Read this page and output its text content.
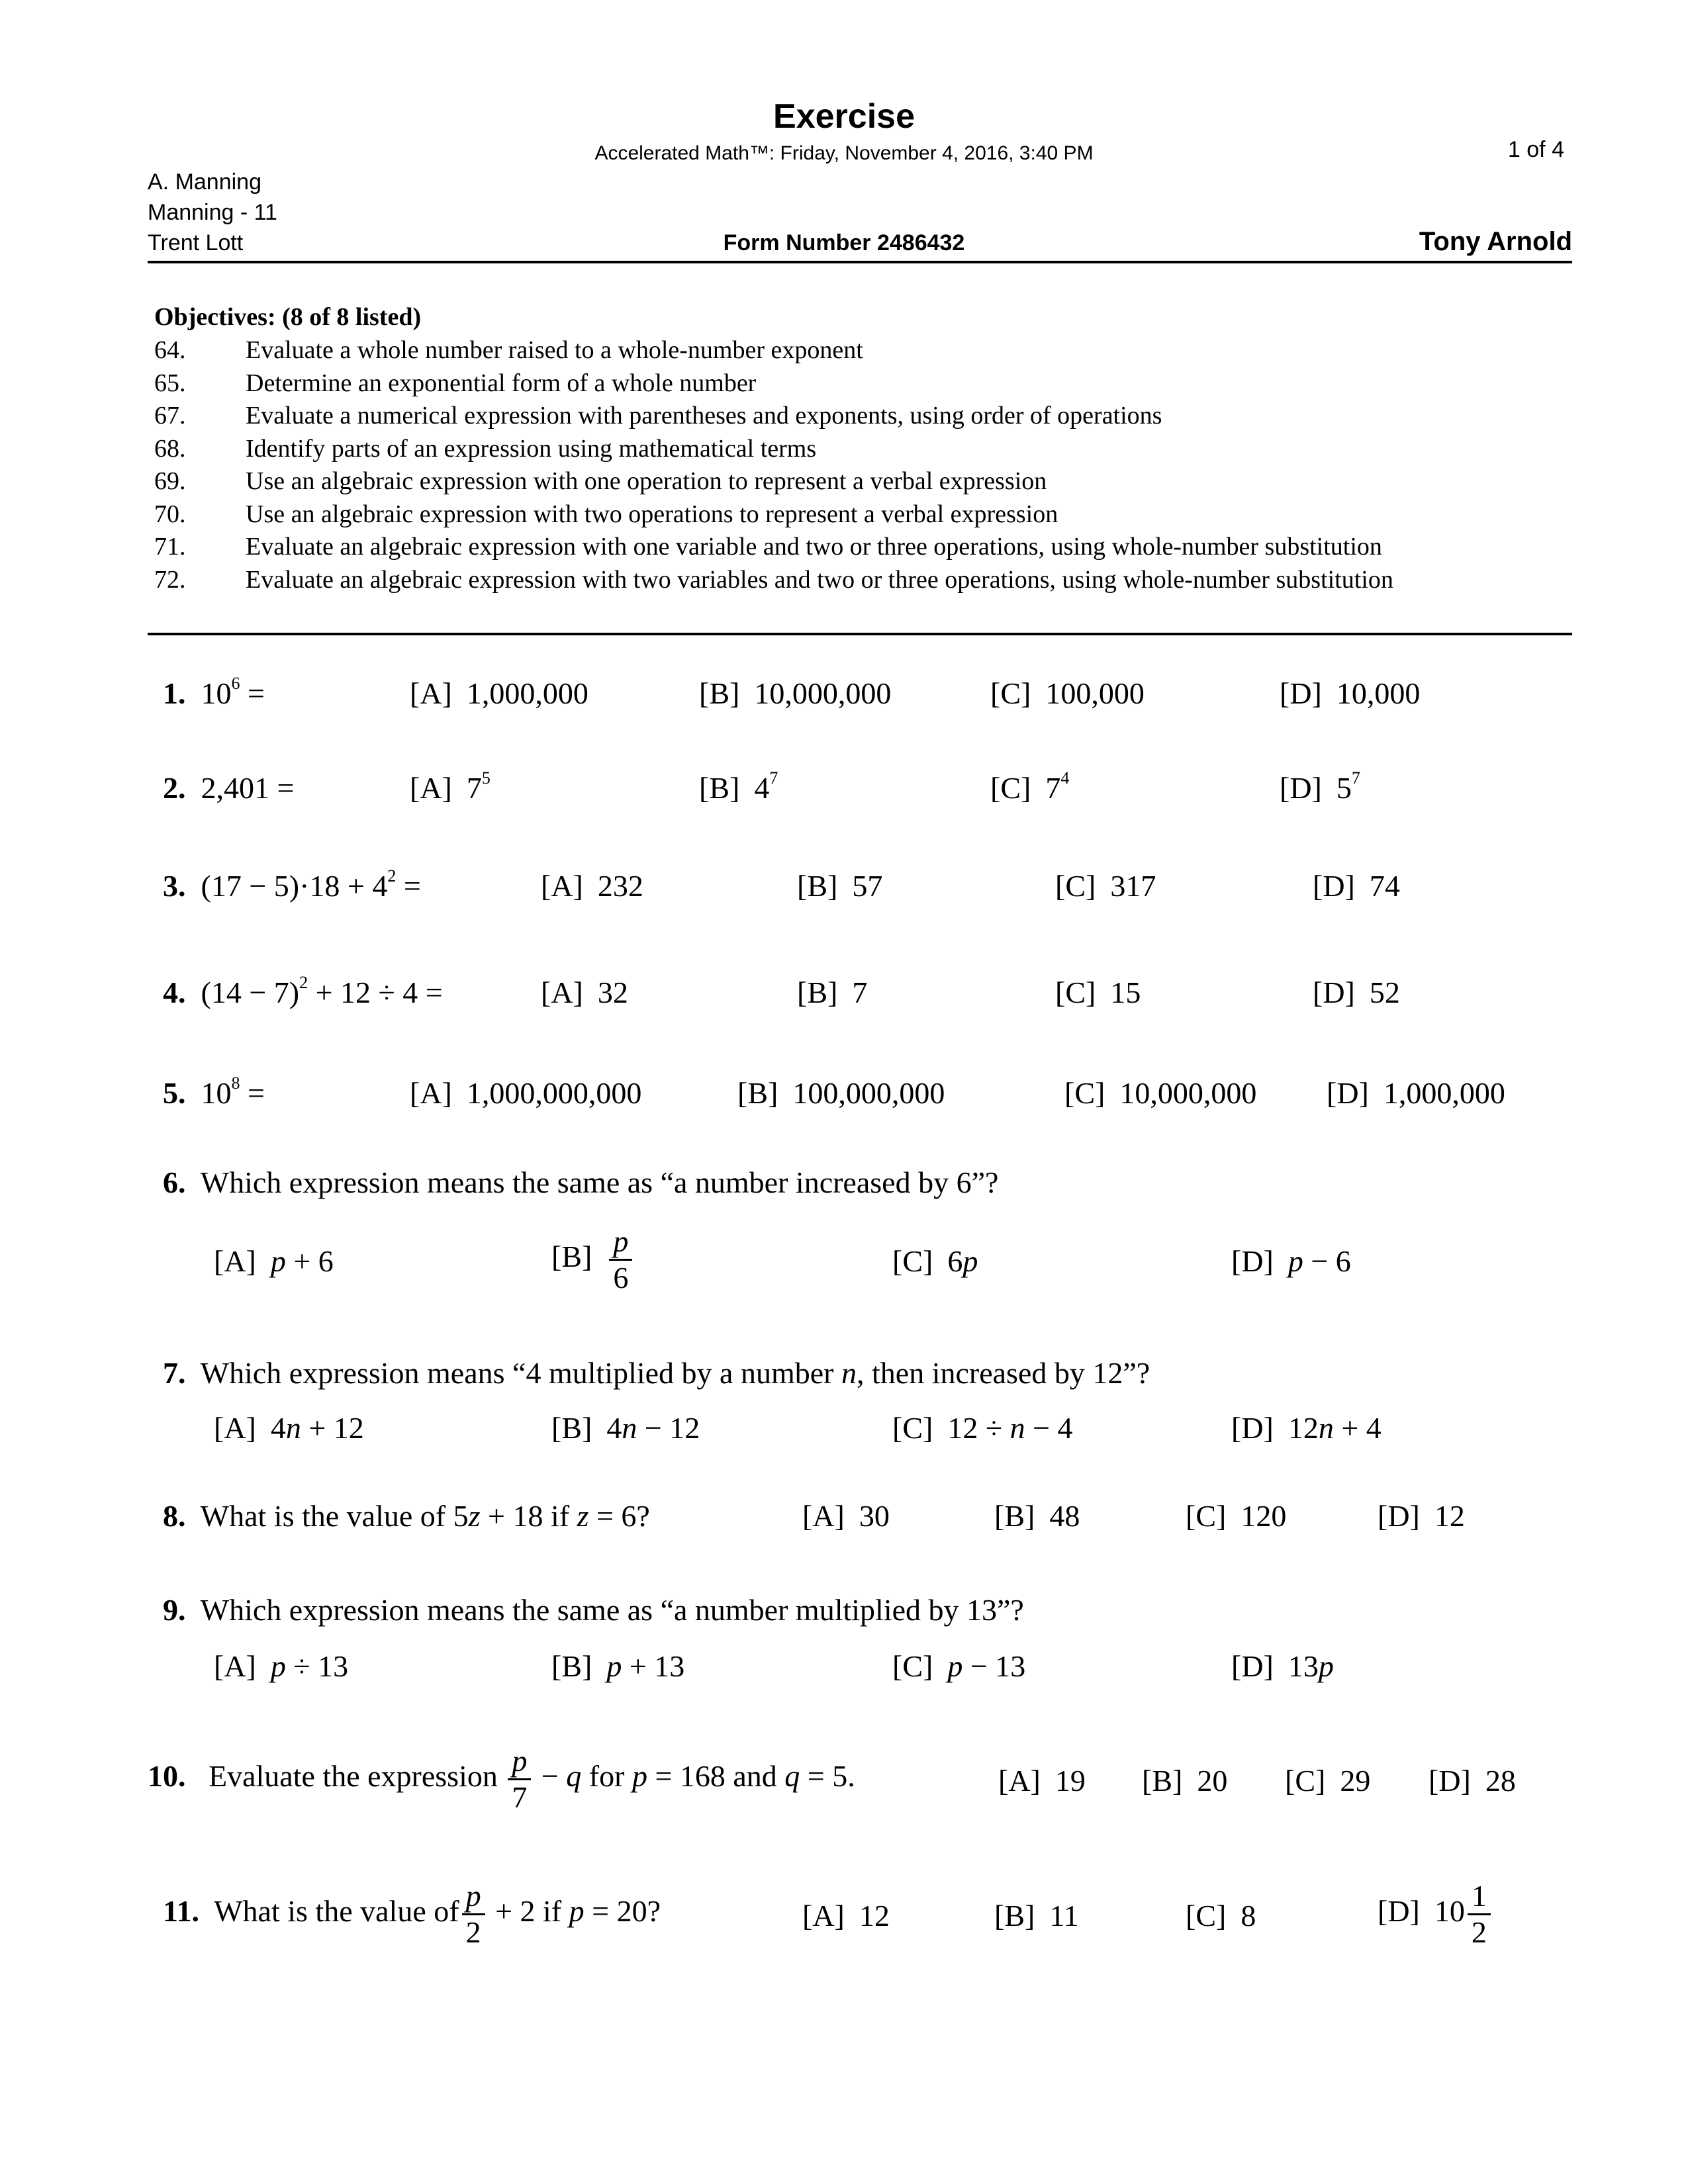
Exercise
Accelerated Math™: Friday, November 4, 2016, 3:40 PM	1 of 4
A. Manning
Manning - 11
Trent Lott	Form Number 2486432	Tony Arnold
Objectives: (8 of 8 listed)
64. Evaluate a whole number raised to a whole-number exponent
65. Determine an exponential form of a whole number
67. Evaluate a numerical expression with parentheses and exponents, using order of operations
68. Identify parts of an expression using mathematical terms
69. Use an algebraic expression with one operation to represent a verbal expression
70. Use an algebraic expression with two operations to represent a verbal expression
71. Evaluate an algebraic expression with one variable and two or three operations, using whole-number substitution
72. Evaluate an algebraic expression with two variables and two or three operations, using whole-number substitution
1. $10^6$ =	[A] 1,000,000	[B] 10,000,000	[C] 100,000	[D] 10,000
2. 2,401 =	[A] $7^5$	[B] $4^7$	[C] $7^4$	[D] $5^7$
3. $(17 - 5)\cdot 18 + 4^2$ =	[A] 232	[B] 57	[C] 317	[D] 74
4. $(14 - 7)^2 + 12 \div 4$ =	[A] 32	[B] 7	[C] 15	[D] 52
5. $10^8$ =	[A] 1,000,000,000	[B] 100,000,000	[C] 10,000,000 [D] 1,000,000
6. Which expression means the same as “a number increased by 6”?
[A] p + 6	$[B] \frac{p}{6}$	[C] 6p	[D] p − 6
7. Which expression means “4 multiplied by a number n, then increased by 12”?
[A] 4n + 12	[B] 4n − 12	[C] 12 ÷ n − 4	[D] 12n + 4
8. What is the value of 5z + 18 if z = 6?	[A] 30	[B] 48	[C] 120	[D] 12
9. Which expression means the same as “a number multiplied by 13”?
[A] p ÷ 13	[B] p + 13	[C] p − 13	[D] 13p
10. Evaluate the expression $\frac{p}{7} - q$ for p = 168 and q = 5.	[A] 19 [B] 20 [C] 29 [D] 28
11. What is the value of $\frac{p}{2} + 2$ if p = 20?	[A] 12	[B] 11	[C] 8	[D] $10 \frac{1}{2}$
